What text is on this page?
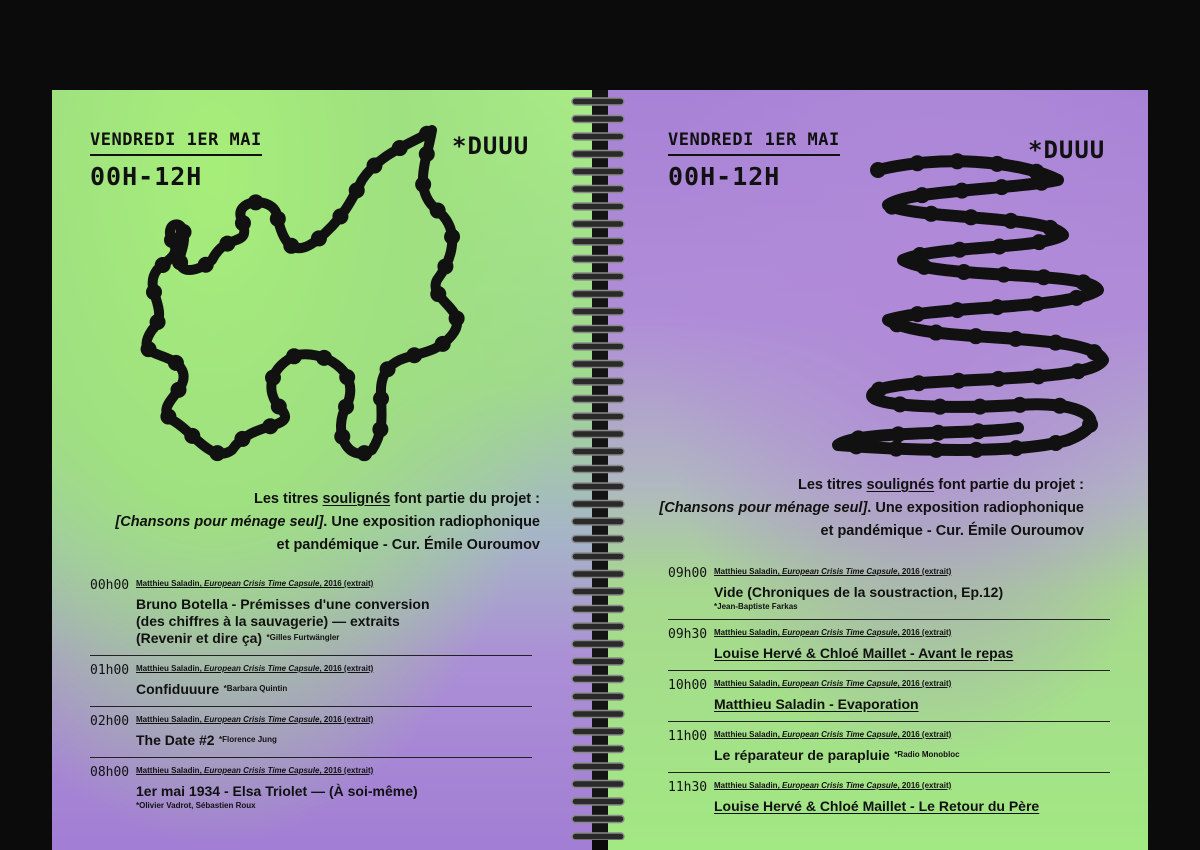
VENDREDI 1ER MAI
00H-12H
*DUUU
Les titres soulignés font partie du projet :
[Chansons pour ménage seul]. Une exposition radiophonique
et pandémique - Cur. Émile Ouroumov
00h00 Matthieu Saladin, European Crisis Time Capsule, 2016 (extrait)
Bruno Botella - Prémisses d'une conversion
(des chiffres à la sauvagerie) — extraits
(Revenir et dire ça) $^{*Gilles Furtwängler}$
01h00 Matthieu Saladin, European Crisis Time Capsule, 2016 (extrait)
Confiduuure $^{*Barbara Quintin}$
02h00 Matthieu Saladin, European Crisis Time Capsule, 2016 (extrait)
The Date #2 $^{*Florence Jung}$
08h00 Matthieu Saladin, European Crisis Time Capsule, 2016 (extrait)
1er mai 1934 - Elsa Triolet — (À soi-même)
*Olivier Vadrot, Sébastien Roux
VENDREDI 1ER MAI
00H-12H
*DUUU
Les titres soulignés font partie du projet :
[Chansons pour ménage seul]. Une exposition radiophonique
et pandémique - Cur. Émile Ouroumov
09h00 Matthieu Saladin, European Crisis Time Capsule, 2016 (extrait)
Vide (Chroniques de la soustraction, Ep.12)
*Jean-Baptiste Farkas
09h30 Matthieu Saladin, European Crisis Time Capsule, 2016 (extrait)
Louise Hervé & Chloé Maillet - Avant le repas
10h00 Matthieu Saladin, European Crisis Time Capsule, 2016 (extrait)
Matthieu Saladin - Evaporation
11h00 Matthieu Saladin, European Crisis Time Capsule, 2016 (extrait)
Le réparateur de parapluie $^{*Radio Monobloc}$
11h30 Matthieu Saladin, European Crisis Time Capsule, 2016 (extrait)
Louise Hervé & Chloé Maillet - Le Retour du Père
